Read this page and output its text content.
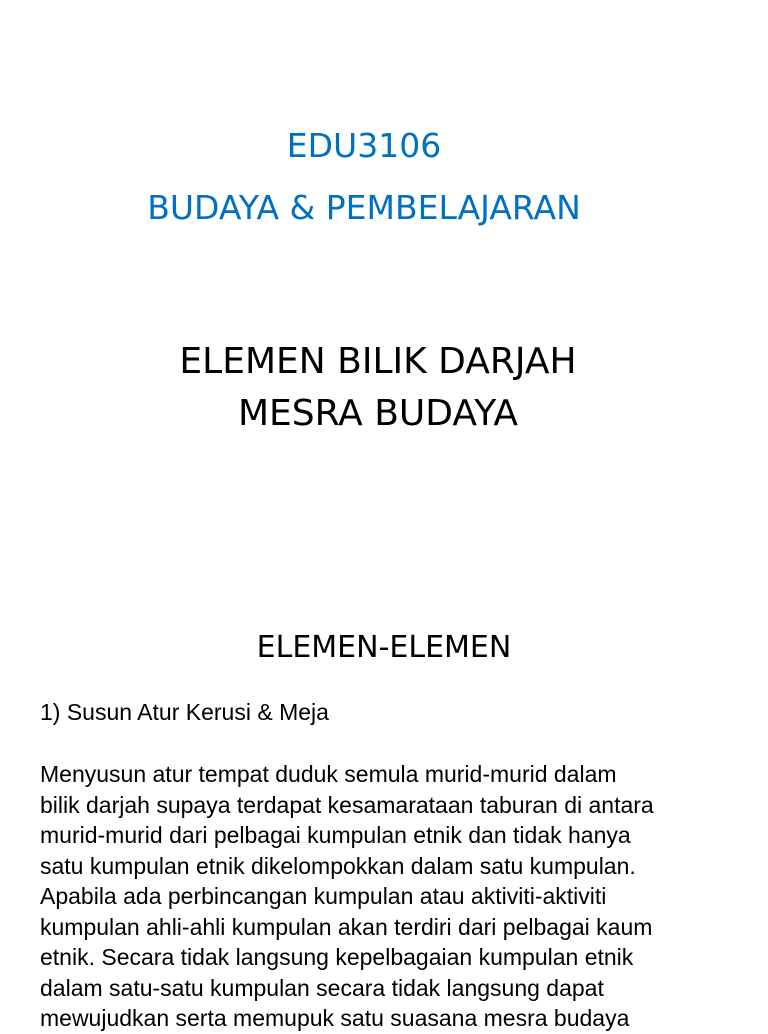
EDU3106
BUDAYA & PEMBELAJARAN
ELEMEN BILIK DARJAH
MESRA BUDAYA
ELEMEN-ELEMEN
1) Susun Atur Kerusi & Meja
Menyusun atur tempat duduk semula murid-murid dalam
bilik darjah supaya terdapat kesamarataan taburan di antara
murid-murid dari pelbagai kumpulan etnik dan tidak hanya
satu kumpulan etnik dikelompokkan dalam satu kumpulan.
Apabila ada perbincangan kumpulan atau aktiviti-aktiviti
kumpulan ahli-ahli kumpulan akan terdiri dari pelbagai kaum
etnik. Secara tidak langsung kepelbagaian kumpulan etnik
dalam satu-satu kumpulan secara tidak langsung dapat
mewujudkan serta memupuk satu suasana mesra budaya
